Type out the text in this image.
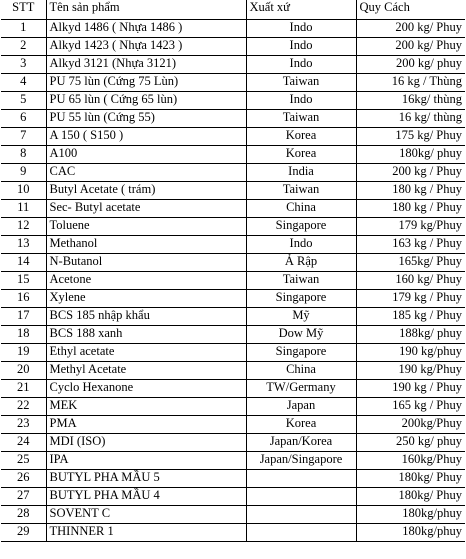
STT	Tên sản phẩm	Xuất xứ	Quy Cách
1	Alkyd 1486 ( Nhựa 1486 )	Indo	200 kg/ Phuy
2	Alkyd 1423 ( Nhựa 1423 )	Indo	200 kg/ Phuy
3	Alkyd 3121 (Nhựa 3121)	Indo	200 kg/ phuy
4	PU 75 lùn (Cứng 75 Lùn)	Taiwan	16 kg / Thùng
5	PU 65 lùn ( Cứng 65 lùn)	Indo	16kg/ thùng
6	PU 55 lùn (Cứng 55)	Taiwan	16 kg/ thùng
7	A 150 ( S150 )	Korea	175 kg/ Phuy
8	A100	Korea	180kg/ phuy
9	CAC	India	200 kg / Phuy
10	Butyl Acetate ( trám)	Taiwan	180 kg / Phuy
11	Sec- Butyl acetate	China	180 kg / Phuy
12	Toluene	Singapore	179 kg/Phuy
13	Methanol	Indo	163 kg / Phuy
14	N-Butanol	Ả Rập	165kg/ Phuy
15	Acetone	Taiwan	160 kg/ Phuy
16	Xylene	Singapore	179 kg / Phuy
17	BCS 185 nhập khẩu	Mỹ	185 kg / Phuy
18	BCS 188 xanh	Dow Mỹ	188kg/ phuy
19	Ethyl acetate	Singapore	190 kg/phuy
20	Methyl Acetate	China	190 kg/Phuy
21	Cyclo Hexanone	TW/Germany	190 kg / Phuy
22	MEK	Japan	165 kg / Phuy
23	PMA	Korea	200kg/Phuy
24	MDI (ISO)	Japan/Korea	250 kg/ phuy
25	IPA	Japan/Singapore	160kg/Phuy
26	BUTYL PHA MẦU 5		180kg/ Phuy
27	BUTYL PHA MẦU 4		180kg/ Phuy
28	SOVENT C		180kg/phuy
29	THINNER 1		180kg/phuy
